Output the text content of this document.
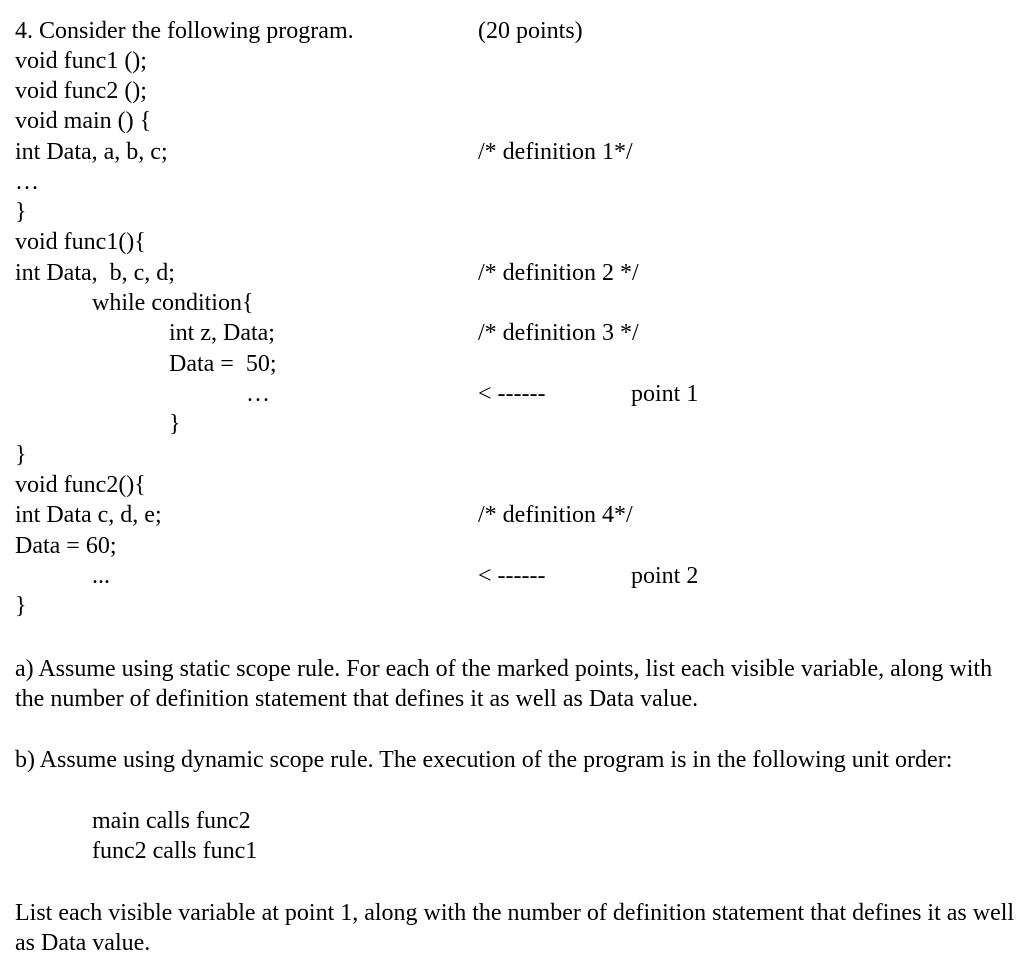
4. Consider the following program.	(20 points)
void func1 ();
void func2 ();
void main () {
int Data, a, b, c;	/* definition 1*/
…
}
void func1(){
int Data,  b, c, d;	/* definition 2 */
while condition{
int z, Data;	/* definition 3 */
Data =  50;
…	< ------	point 1
}
}
void func2(){
int Data c, d, e;	/* definition 4*/
Data = 60;
...	< ------	point 2
}

a) Assume using static scope rule. For each of the marked points, list each visible variable, along with the number of definition statement that defines it as well as Data value.

b) Assume using dynamic scope rule. The execution of the program is in the following unit order:

main calls func2
func2 calls func1

List each visible variable at point 1, along with the number of definition statement that defines it as well as Data value.
